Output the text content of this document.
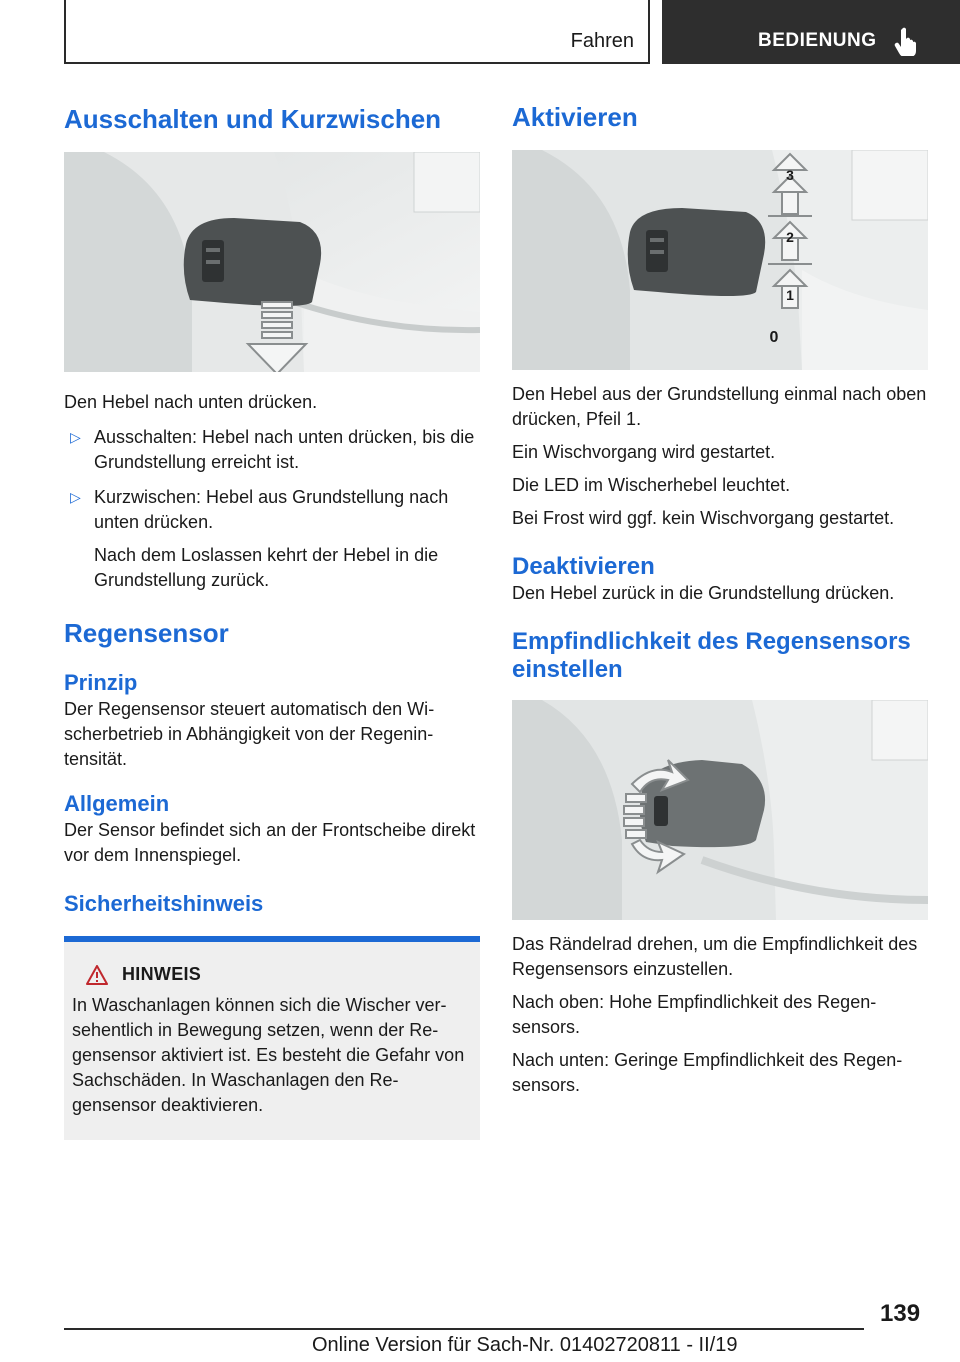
Fahren	BEDIENUNG
Ausschalten und Kurzwischen

Den Hebel nach unten drücken.

▷ Ausschalten: Hebel nach unten drücken, bis die Grundstellung erreicht ist.
▷ Kurzwischen: Hebel aus Grundstellung nach unten drücken.

Nach dem Loslassen kehrt der Hebel in die Grundstellung zurück.

Regensensor
Prinzip

Der Regensensor steuert automatisch den Wischerbetrieb in Abhängigkeit von der Regenintensität.

Allgemein

Der Sensor befindet sich an der Frontscheibe direkt vor dem Innenspiegel.

Sicherheitshinweis
HINWEIS

In Waschanlagen können sich die Wischer versehentlich in Bewegung setzen, wenn der Regensensor aktiviert ist. Es besteht die Gefahr von Sachschäden. In Waschanlagen den Regensensor deaktivieren.

Aktivieren
3
2
1
0

Den Hebel aus der Grundstellung einmal nach oben drücken, Pfeil 1.

Ein Wischvorgang wird gestartet.

Die LED im Wischerhebel leuchtet.

Bei Frost wird ggf. kein Wischvorgang gestartet.

Deaktivieren

Den Hebel zurück in die Grundstellung drücken.

Empfindlichkeit des Regensensors einstellen

Das Rändelrad drehen, um die Empfindlichkeit des Regensensors einzustellen.

Nach oben: Hohe Empfindlichkeit des Regensensors.

Nach unten: Geringe Empfindlichkeit des Regensensors.

139
Online Version für Sach-Nr. 01402720811 - II/19
